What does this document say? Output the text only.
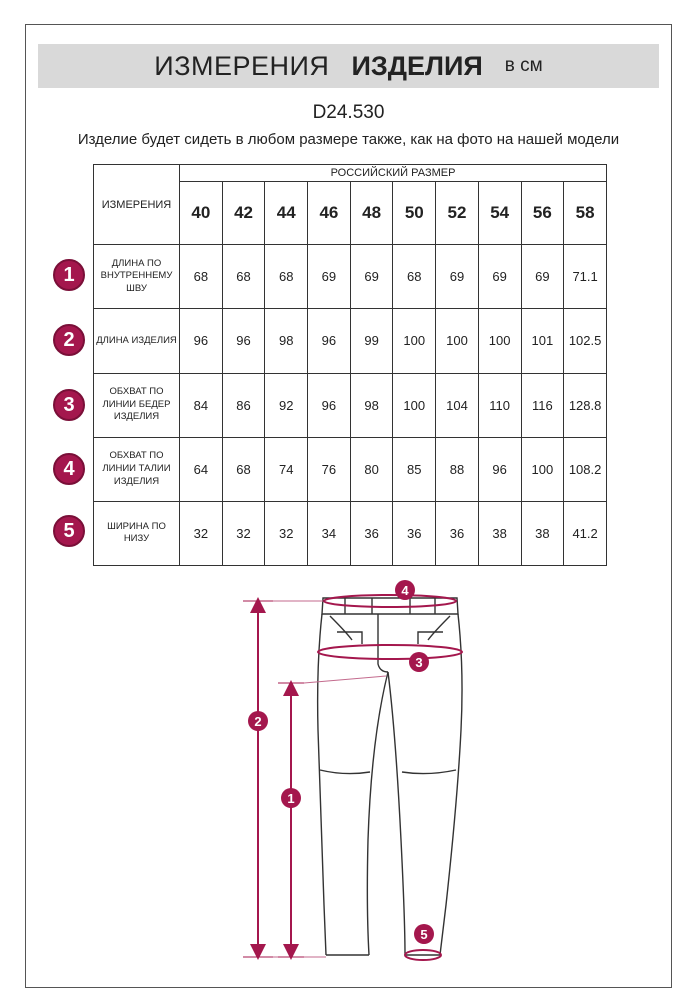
ИЗМЕРЕНИЯ ИЗДЕЛИЯ в см
D24.530
Изделие будет сидеть в любом размере также, как на фото на нашей модели
ИЗМЕРЕНИЯ	РОССИЙСКИЙ РАЗМЕР									
	40	42	44	46	48	50	52	54	56	58
ДЛИНА ПО ВНУТРЕННЕМУ ШВУ	68	68	68	69	69	68	69	69	69	71.1
ДЛИНА ИЗДЕЛИЯ	96	96	98	96	99	100	100	100	101	102.5
ОБХВАТ ПО ЛИНИИ БЕДЕР ИЗДЕЛИЯ	84	86	92	96	98	100	104	110	116	128.8
ОБХВАТ ПО ЛИНИИ ТАЛИИ ИЗДЕЛИЯ	64	68	74	76	80	85	88	96	100	108.2
ШИРИНА ПО НИЗУ	32	32	32	34	36	36	36	38	38	41.2
1
2
3
4
5
4
3
2
1
5
